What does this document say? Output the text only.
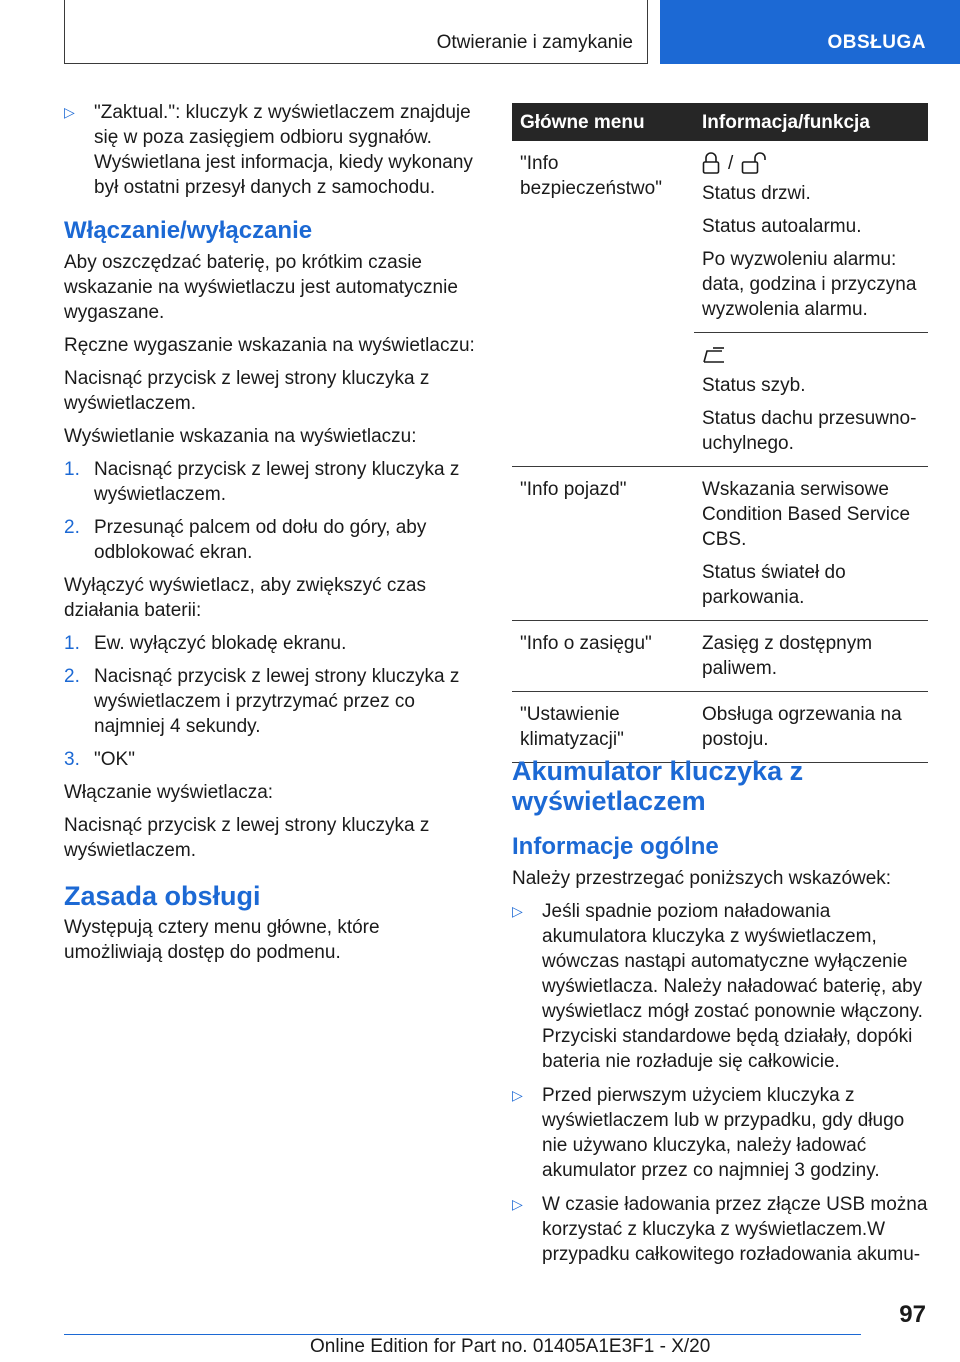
Otwieranie i zamykanie	OBSŁUGA
▷ "Zaktual.": kluczyk z wyświetlaczem znajduje się w poza zasięgiem odbioru sygnałów. Wyświetlana jest informacja, kiedy wykonany był ostatni przesył danych z samochodu.
Włączanie/wyłączanie

Aby oszczędzać baterię, po krótkim czasie wskazanie na wyświetlaczu jest automatycznie wygaszane.

Ręczne wygaszanie wskazania na wyświetlaczu:

Nacisnąć przycisk z lewej strony kluczyka z wyświetlaczem.

Wyświetlanie wskazania na wyświetlaczu:

1. Nacisnąć przycisk z lewej strony kluczyka z wyświetlaczem.
2. Przesunąć palcem od dołu do góry, aby odblokować ekran.

Wyłączyć wyświetlacz, aby zwiększyć czas działania baterii:

1. Ew. wyłączyć blokadę ekranu.
2. Nacisnąć przycisk z lewej strony kluczyka z wyświetlaczem i przytrzymać przez co najmniej 4 sekundy.
3. "OK"

Włączanie wyświetlacza:

Nacisnąć przycisk z lewej strony kluczyka z wyświetlaczem.

Zasada obsługi

Występują cztery menu główne, które umożliwiają dostęp do podmenu.

Główne menu	Informacja/funkcja
"Info bezpieczeństwo"	/

Status drzwi.

Status autoalarmu.

Po wyzwoleniu alarmu: data, godzina i przyczyna wyzwolenia alarmu.

	Status szyb.

Status dachu przesuwno-uchylnego.

"Info pojazd"	Wskazania serwisowe Condition Based Service CBS.

Status świateł do parkowania.

"Info o zasięgu"	Zasięg z dostępnym paliwem.

"Ustawienie klimatyzacji"	Obsługa ogrzewania na postoju.

Akumulator kluczyka z wyświetlaczem
Informacje ogólne

Należy przestrzegać poniższych wskazówek:

▷ Jeśli spadnie poziom naładowania akumulatora kluczyka z wyświetlaczem, wówczas nastąpi automatyczne wyłączenie wyświetlacza. Należy naładować baterię, aby wyświetlacz mógł zostać ponownie włączony. Przyciski standardowe będą działały, dopóki bateria nie rozładuje się całkowicie.
▷ Przed pierwszym użyciem kluczyka z wyświetlaczem lub w przypadku, gdy długo nie używano kluczyka, należy ładować akumulator przez co najmniej 3 godziny.
▷ W czasie ładowania przez złącze USB można korzystać z kluczyka z wyświetlaczem.W przypadku całkowitego rozładowania akumu-
97
Online Edition for Part no. 01405A1E3F1 - X/20
